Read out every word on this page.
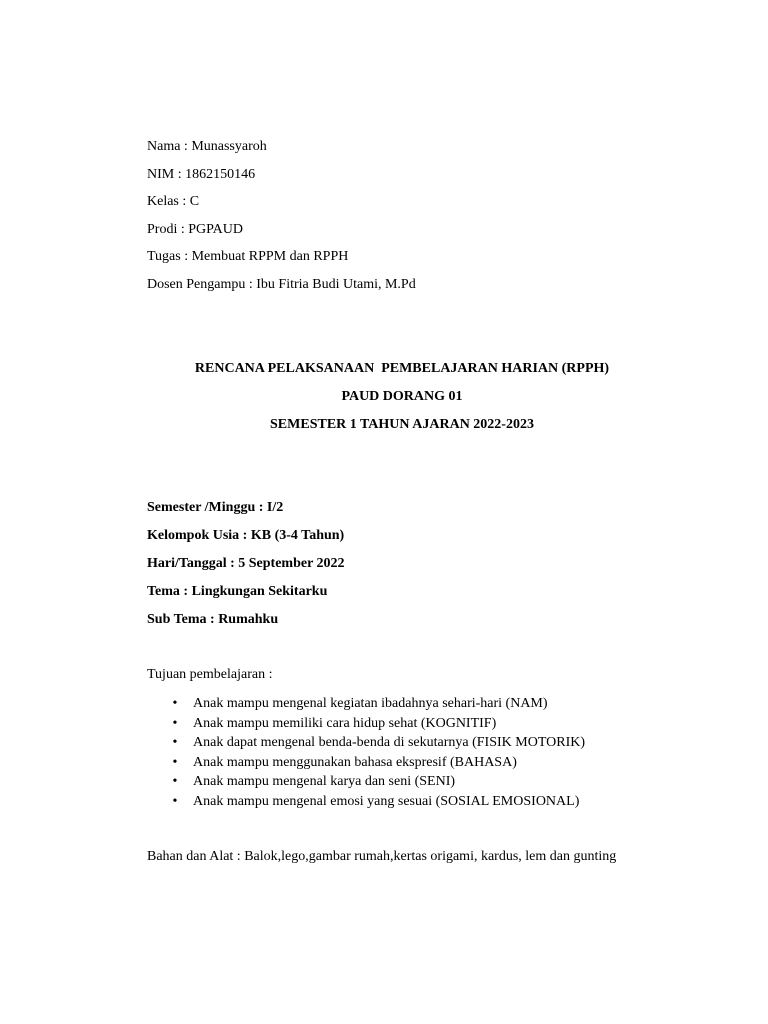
Nama : Munassyaroh
NIM : 1862150146
Kelas : C
Prodi : PGPAUD
Tugas : Membuat RPPM dan RPPH
Dosen Pengampu : Ibu Fitria Budi Utami, M.Pd
RENCANA PELAKSANAAN  PEMBELAJARAN HARIAN (RPPH)
PAUD DORANG 01
SEMESTER 1 TAHUN AJARAN 2022-2023
Semester /Minggu : I/2
Kelompok Usia : KB (3-4 Tahun)
Hari/Tanggal : 5 September 2022
Tema : Lingkungan Sekitarku
Sub Tema : Rumahku
Tujuan pembelajaran :
• Anak mampu mengenal kegiatan ibadahnya sehari-hari (NAM)
• Anak mampu memiliki cara hidup sehat (KOGNITIF)
• Anak dapat mengenal benda-benda di sekutarnya (FISIK MOTORIK)
• Anak mampu menggunakan bahasa ekspresif (BAHASA)
• Anak mampu mengenal karya dan seni (SENI)
• Anak mampu mengenal emosi yang sesuai (SOSIAL EMOSIONAL)
Bahan dan Alat : Balok,lego,gambar rumah,kertas origami, kardus, lem dan gunting
